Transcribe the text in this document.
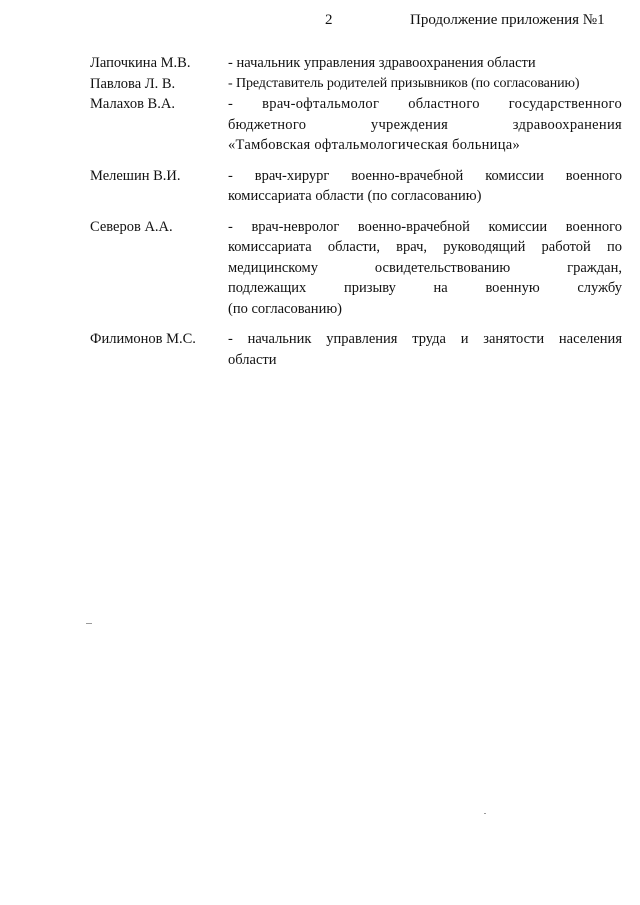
2	Продолжение приложения №1
Лапочкина М.В.	- начальник управления здравоохранения области
Павлова Л. В.	- Представитель родителей призывников (по согласованию)
Малахов В.А.	- врач-офтальмолог областного государственного
бюджетного учреждения здравоохранения
«Тамбовская офтальмологическая больница»
Мелешин В.И.	- врач-хирург военно-врачебной комиссии военного
комиссариата области (по согласованию)
Северов А.А.	- врач-невролог военно-врачебной комиссии военного
комиссариата области, врач, руководящий работой по
медицинскому освидетельствованию граждан,
подлежащих призыву на военную службу
(по согласованию)
Филимонов М.С.	- начальник управления труда и занятости населения
области
